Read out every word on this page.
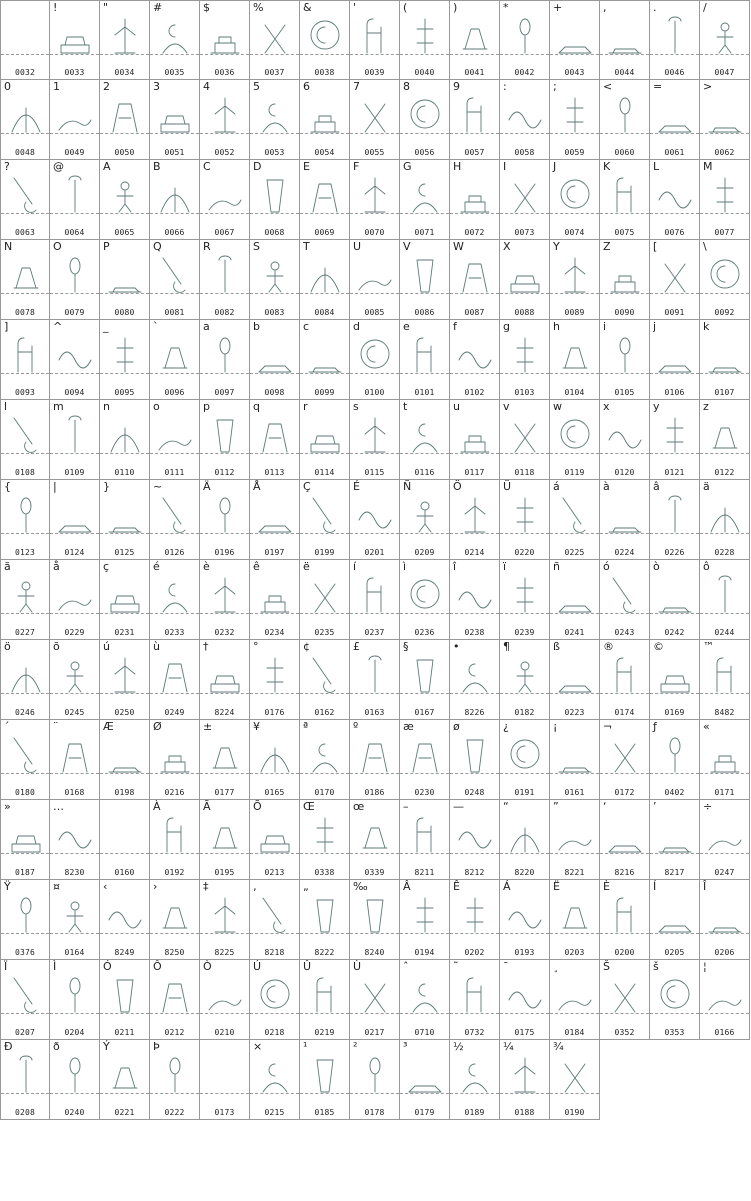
0032
!
0033
"
0034
#
0035
$
0036
%
0037
&
0038
'
0039
(
0040
)
0041
*
0042
+
0043
,
0044
.
0046
/
0047
0
0048
1
0049
2
0050
3
0051
4
0052
5
0053
6
0054
7
0055
8
0056
9
0057
:
0058
;
0059
<
0060
=
0061
>
0062
?
0063
@
0064
A
0065
B
0066
C
0067
D
0068
E
0069
F
0070
G
0071
H
0072
I
0073
J
0074
K
0075
L
0076
M
0077
N
0078
O
0079
P
0080
Q
0081
R
0082
S
0083
T
0084
U
0085
V
0086
W
0087
X
0088
Y
0089
Z
0090
[
0091
\
0092
]
0093
^
0094
_
0095
`
0096
a
0097
b
0098
c
0099
d
0100
e
0101
f
0102
g
0103
h
0104
i
0105
j
0106
k
0107
l
0108
m
0109
n
0110
o
0111
p
0112
q
0113
r
0114
s
0115
t
0116
u
0117
v
0118
w
0119
x
0120
y
0121
z
0122
{
0123
|
0124
}
0125
~
0126
Ä
0196
Å
0197
Ç
0199
É
0201
Ñ
0209
Ö
0214
Ü
0220
á
0225
à
0224
â
0226
ä
0228
ã
0227
å
0229
ç
0231
é
0233
è
0232
ê
0234
ë
0235
í
0237
ì
0236
î
0238
ï
0239
ñ
0241
ó
0243
ò
0242
ô
0244
ö
0246
õ
0245
ú
0250
ù
0249
†
8224
°
0176
¢
0162
£
0163
§
0167
•
8226
¶
0182
ß
0223
®
0174
©
0169
™
8482
´
0180
¨
0168
Æ
0198
Ø
0216
±
0177
¥
0165
ª
0170
º
0186
æ
0230
ø
0248
¿
0191
¡
0161
¬
0172
ƒ
0402
«
0171
»
0187
…
8230	0160
À
0192
Ã
0195
Õ
0213
Œ
0338
œ
0339
–
8211
—
8212
“
8220
”
8221
‘
8216
’
8217
÷
0247
Ÿ
0376
¤
0164
‹
8249
›
8250
‡
8225
‚
8218
„
8222
‰
8240
Â
0194
Ê
0202
Á
0193
Ë
0203
È
0200
Í
0205
Î
0206
Ï
0207
Ì
0204
Ó
0211
Ô
0212
Ò
0210
Ú
0218
Û
0219
Ù
0217
ˆ
0710
˜
0732
¯
0175
¸
0184
Š
0352
š
0353
¦
0166
Đ
0208
ð
0240
Ý
0221
Þ
0222	0173
×
0215
¹
0185
²
0178
³
0179
½
0189
¼
0188
¾
0190
